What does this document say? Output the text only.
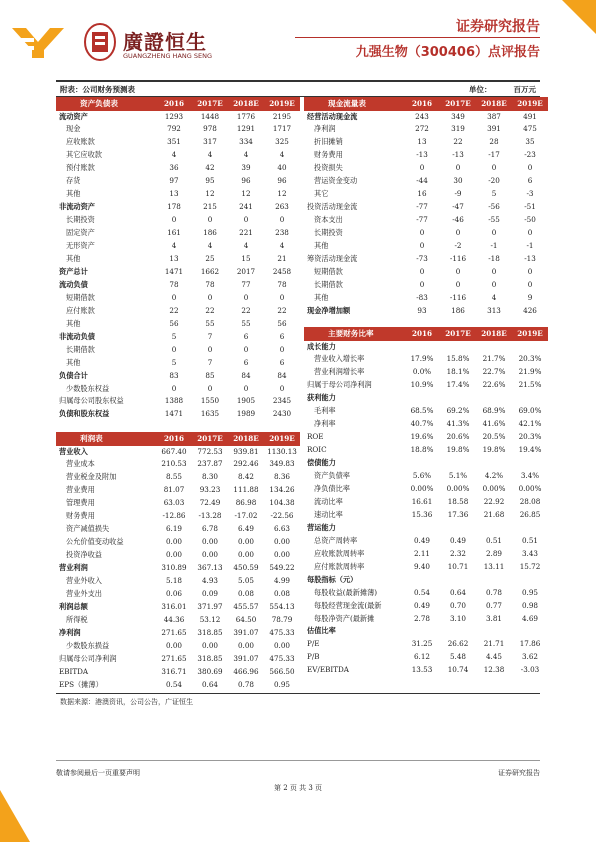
廣證恒生
GUANGZHENG HANG SENG
证券研究报告
九强生物（300406）点评报告
附表：公司财务预测表	单位：	百万元
资产负债表	2016	2017E	2018E	2019E
流动资产	1293	1448	1776	2195
现金	792	978	1291	1717
应收账款	351	317	334	325
其它应收款	4	4	4	4
预付账款	36	42	39	40
存货	97	95	96	96
其他	13	12	12	12
非流动资产	178	215	241	263
长期投资	0	0	0	0
固定资产	161	186	221	238
无形资产	4	4	4	4
其他	13	25	15	21
资产总计	1471	1662	2017	2458
流动负债	78	78	77	78
短期借款	0	0	0	0
应付账款	22	22	22	22
其他	56	55	55	56
非流动负债	5	7	6	6
长期借款	0	0	0	0
其他	5	7	6	6
负债合计	83	85	84	84
少数股东权益	0	0	0	0
归属母公司股东权益	1388	1550	1905	2345
负债和股东权益	1471	1635	1989	2430
现金流量表	2016	2017E	2018E	2019E
经营活动现金流	243	349	387	491
净利润	272	319	391	475
折旧摊销	13	22	28	35
财务费用	-13	-13	-17	-23
投资损失	0	0	0	0
营运资金变动	-44	30	-20	6
其它	16	-9	5	-3
投资活动现金流	-77	-47	-56	-51
资本支出	-77	-46	-55	-50
长期投资	0	0	0	0
其他	0	-2	-1	-1
筹资活动现金流	-73	-116	-18	-13
短期借款	0	0	0	0
长期借款	0	0	0	0
其他	-83	-116	4	9
现金净增加额	93	186	313	426
主要财务比率	2016	2017E	2018E	2019E
成长能力				
营业收入增长率	17.9%	15.8%	21.7%	20.3%
营业利润增长率	0.0%	18.1%	22.7%	21.9%
归属于母公司净利润	10.9%	17.4%	22.6%	21.5%
获利能力				
毛利率	68.5%	69.2%	68.9%	69.0%
净利率	40.7%	41.3%	41.6%	42.1%
ROE	19.6%	20.6%	20.5%	20.3%
ROIC	18.8%	19.8%	19.8%	19.4%
偿债能力				
资产负债率	5.6%	5.1%	4.2%	3.4%
净负债比率	0.00%	0.00%	0.00%	0.00%
流动比率	16.61	18.58	22.92	28.08
速动比率	15.36	17.36	21.68	26.85
营运能力				
总资产周转率	0.49	0.49	0.51	0.51
应收账款周转率	2.11	2.32	2.89	3.43
应付账款周转率	9.40	10.71	13.11	15.72
每股指标（元）				
每股收益(最新摊薄)	0.54	0.64	0.78	0.95
每股经营现金流(最新	0.49	0.70	0.77	0.98
每股净资产(最新摊	2.78	3.10	3.81	4.69
估值比率				
P/E	31.25	26.62	21.71	17.86
P/B	6.12	5.48	4.45	3.62
EV/EBITDA	13.53	10.74	12.38	-3.03
利润表	2016	2017E	2018E	2019E
营业收入	667.40	772.53	939.81	1130.13
营业成本	210.53	237.87	292.46	349.83
营业税金及附加	8.55	8.30	8.42	8.36
营业费用	81.07	93.23	111.88	134.26
管理费用	63.03	72.49	86.98	104.38
财务费用	-12.86	-13.28	-17.02	-22.56
资产减值损失	6.19	6.78	6.49	6.63
公允价值变动收益	0.00	0.00	0.00	0.00
投资净收益	0.00	0.00	0.00	0.00
营业利润	310.89	367.13	450.59	549.22
营业外收入	5.18	4.93	5.05	4.99
营业外支出	0.06	0.09	0.08	0.08
利润总额	316.01	371.97	455.57	554.13
所得税	44.36	53.12	64.50	78.79
净利润	271.65	318.85	391.07	475.33
少数股东损益	0.00	0.00	0.00	0.00
归属母公司净利润	271.65	318.85	391.07	475.33
EBITDA	316.71	380.69	466.96	566.50
EPS（摊薄）	0.54	0.64	0.78	0.95
数据来源：港澳资讯，公司公告，广证恒生
敬请参阅最后一页重要声明	证券研究报告
第 2 页 共 3 页
